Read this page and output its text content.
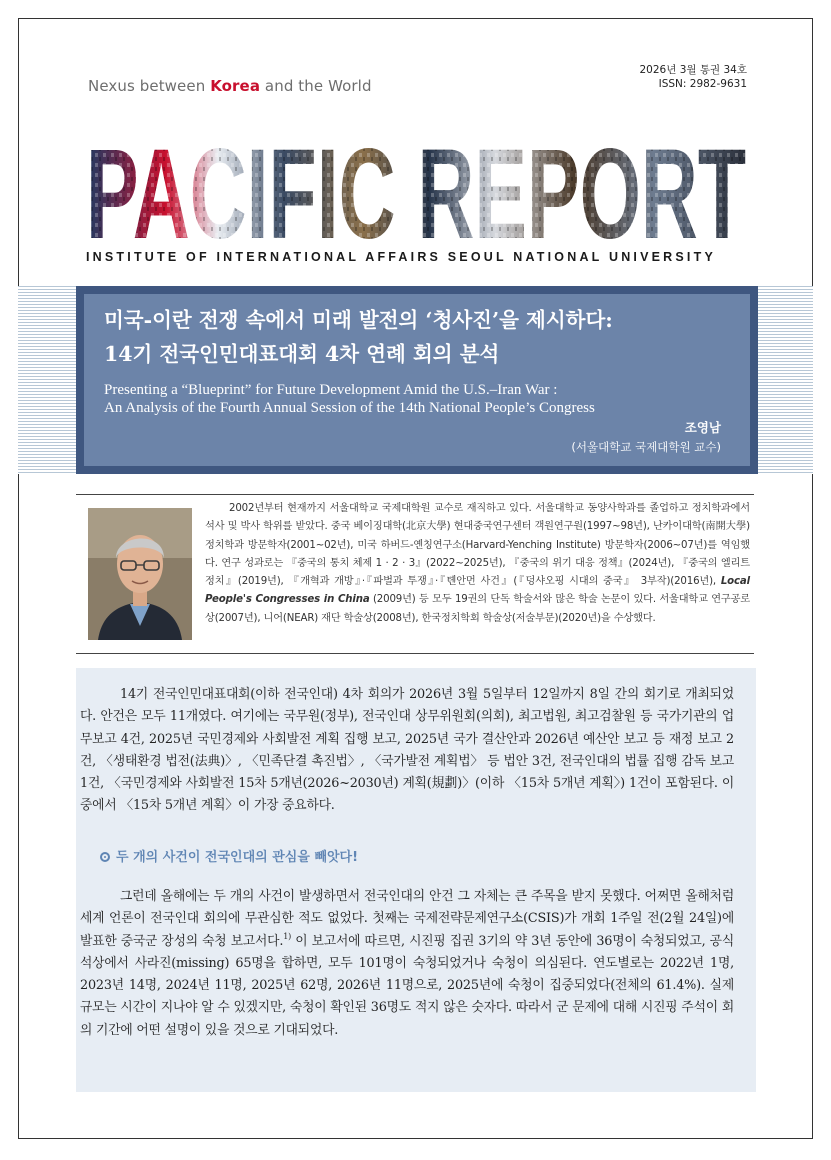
Nexus between Korea and the World
2026년 3월 통권 34호
ISSN: 2982-9631
PACIFIC REPORT
PACIFIC REPORT
INSTITUTE OF INTERNATIONAL AFFAIRS SEOUL NATIONAL UNIVERSITY
미국-이란 전쟁 속에서 미래 발전의 ‘청사진’을 제시하다:
14기 전국인민대표대회 4차 연례 회의 분석
Presenting a “Blueprint” for Future Development Amid the U.S.–Iran War :
An Analysis of the Fourth Annual Session of the 14th National People’s Congress
조영남
(서울대학교 국제대학원 교수)
2002년부터 현재까지 서울대학교 국제대학원 교수로 재직하고 있다. 서울대학교 동양사학과를 졸업하고 정치학과에서 석사 및 박사 학위를 받았다. 중국 베이징대학(北京大學) 현대중국연구센터 객원연구원(1997~98년), 난카이대학(南開大學) 정치학과 방문학자(2001~02년), 미국 하버드-옌칭연구소(Harvard-Yenching Institute) 방문학자(2006~07년)를 역임했다. 연구 성과로는 『중국의 통치 체제 1 · 2 · 3』(2022~2025년), 『중국의 위기 대응 정책』(2024년), 『중국의 엘리트 정치』(2019년), 『개혁과 개방』·『파벌과 투쟁』·『톈안먼 사건』(『덩샤오핑 시대의 중국』 3부작)(2016년), Local People's Congresses in China (2009년) 등 모두 19권의 단독 학술서와 많은 학술 논문이 있다. 서울대학교 연구공로상(2007년), 니어(NEAR) 재단 학술상(2008년), 한국정치학회 학술상(저술부문)(2020년)을 수상했다.
14기 전국인민대표대회(이하 전국인대) 4차 회의가 2026년 3월 5일부터 12일까지 8일 간의 회기로 개최되었다. 안건은 모두 11개였다. 여기에는 국무원(정부), 전국인대 상무위원회(의회), 최고법원, 최고검찰원 등 국가기관의 업무보고 4건, 2025년 국민경제와 사회발전 계획 집행 보고, 2025년 국가 결산안과 2026년 예산안 보고 등 재정 보고 2건, 〈생태환경 법전(法典)〉, 〈민족단결 촉진법〉, 〈국가발전 계획법〉 등 법안 3건, 전국인대의 법률 집행 감독 보고 1건, 〈국민경제와 사회발전 15차 5개년(2026~2030년) 계획(規劃)〉(이하 〈15차 5개년 계획〉) 1건이 포함된다. 이 중에서 〈15차 5개년 계획〉이 가장 중요하다.
두 개의 사건이 전국인대의 관심을 빼앗다!
그런데 올해에는 두 개의 사건이 발생하면서 전국인대의 안건 그 자체는 큰 주목을 받지 못했다. 어쩌면 올해처럼 세계 언론이 전국인대 회의에 무관심한 적도 없었다. 첫째는 국제전략문제연구소(CSIS)가 개회 1주일 전(2월 24일)에 발표한 중국군 장성의 숙청 보고서다.$^{1)}$ 이 보고서에 따르면, 시진핑 집권 3기의 약 3년 동안에 36명이 숙청되었고, 공식 석상에서 사라진(missing) 65명을 합하면, 모두 101명이 숙청되었거나 숙청이 의심된다. 연도별로는 2022년 1명, 2023년 14명, 2024년 11명, 2025년 62명, 2026년 11명으로, 2025년에 숙청이 집중되었다(전체의 61.4%). 실제 규모는 시간이 지나야 알 수 있겠지만, 숙청이 확인된 36명도 적지 않은 숫자다. 따라서 군 문제에 대해 시진핑 주석이 회의 기간에 어떤 설명이 있을 것으로 기대되었다.
